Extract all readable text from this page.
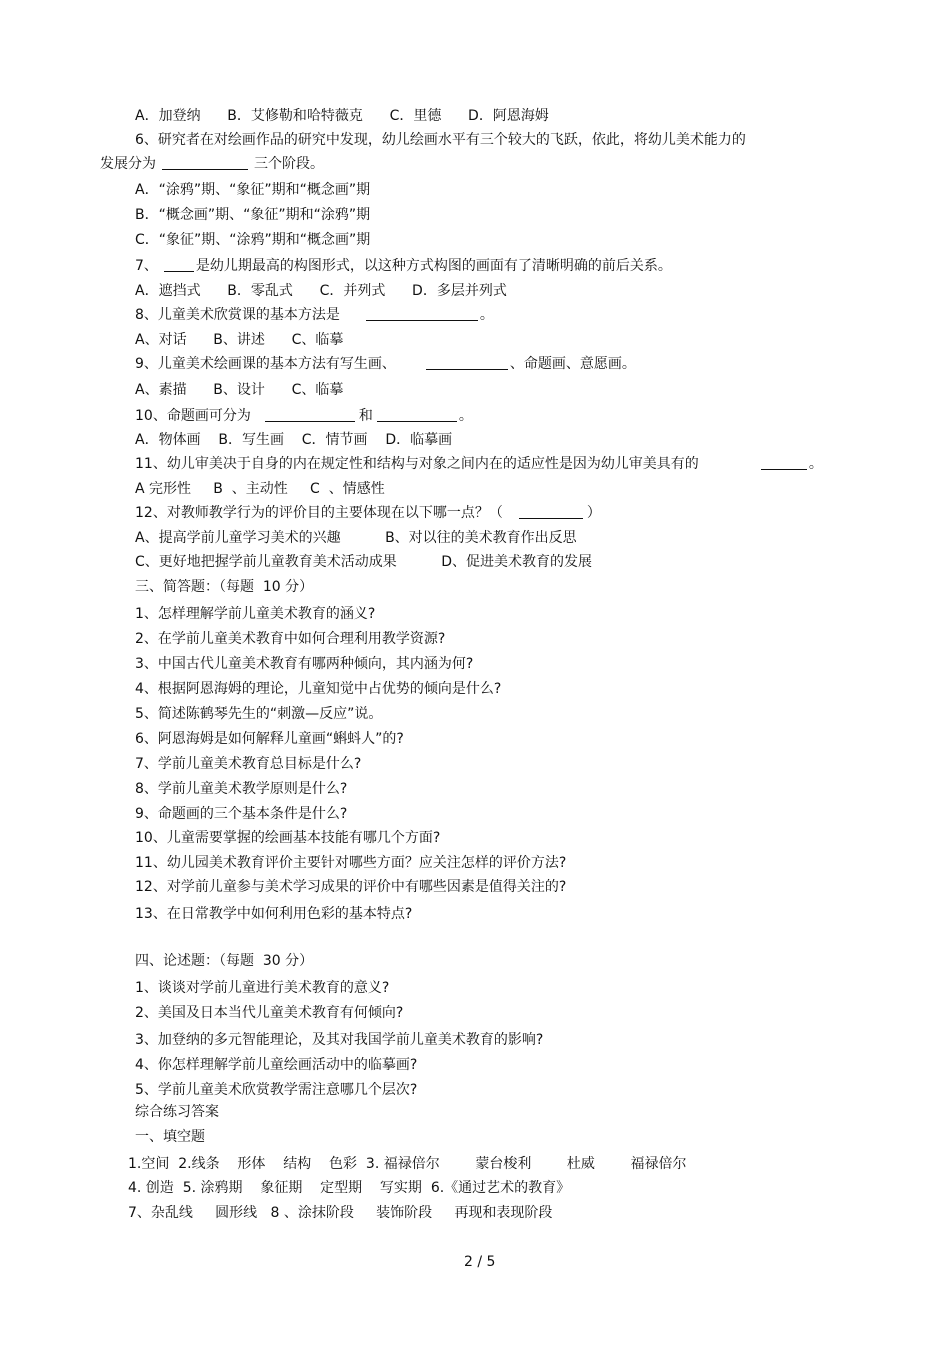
A．加登纳      B．艾修勒和哈特薇克      C．里德      D．阿恩海姆
6、研究者在对绘画作品的研究中发现，幼儿绘画水平有三个较大的飞跃，依此，将幼儿美术能力的
发展分为	三个阶段。
A．“涂鸦”期、“象征”期和“概念画”期
B．“概念画”期、“象征”期和“涂鸦”期
C．“象征”期、“涂鸦”期和“概念画”期
7、	是幼儿期最高的构图形式，以这种方式构图的画面有了清晰明确的前后关系。
A．遮挡式      B．零乱式      C．并列式      D．多层并列式
8、儿童美术欣赏课的基本方法是	。
A、对话      B、讲述      C、临摹
9、儿童美术绘画课的基本方法有写生画、	、命题画、意愿画。
A、素描      B、设计      C、临摹
10、命题画可分为	和	。
A．物体画    B．写生画    C．情节画    D．临摹画
11、幼儿审美决于自身的内在规定性和结构与对象之间内在的适应性是因为幼儿审美具有的	。
A 完形性     B  、主动性     C  、情感性
12、对教师教学行为的评价目的主要体现在以下哪一点？（	）
A、提高学前儿童学习美术的兴趣          B、对以往的美术教育作出反思
C、更好地把握学前儿童教育美术活动成果          D、促进美术教育的发展
三、简答题：（每题  10 分）
1、怎样理解学前儿童美术教育的涵义?
2、在学前儿童美术教育中如何合理利用教学资源?
3、中国古代儿童美术教育有哪两种倾向，其内涵为何?
4、根据阿恩海姆的理论，儿童知觉中占优势的倾向是什么?
5、简述陈鹤琴先生的“刺激—反应”说。
6、阿恩海姆是如何解释儿童画“蝌蚪人”的?
7、学前儿童美术教育总目标是什么?
8、学前儿童美术教学原则是什么?
9、命题画的三个基本条件是什么?
10、儿童需要掌握的绘画基本技能有哪几个方面?
11、幼儿园美术教育评价主要针对哪些方面？应关注怎样的评价方法?
12、对学前儿童参与美术学习成果的评价中有哪些因素是值得关注的?
13、在日常教学中如何利用色彩的基本特点?
四、论述题：（每题  30 分）
1、谈谈对学前儿童进行美术教育的意义?
2、美国及日本当代儿童美术教育有何倾向?
3、加登纳的多元智能理论，及其对我国学前儿童美术教育的影响?
4、你怎样理解学前儿童绘画活动中的临摹画?
5、学前儿童美术欣赏教学需注意哪几个层次?
综合练习答案
一、填空题
1.空间  2.线条    形体    结构    色彩  3. 福禄倍尔        蒙台梭利        杜威        福禄倍尔
4. 创造  5. 涂鸦期    象征期    定型期    写实期  6.《通过艺术的教育》
7、杂乱线     圆形线   8 、涂抹阶段     装饰阶段     再现和表现阶段
2 / 5
